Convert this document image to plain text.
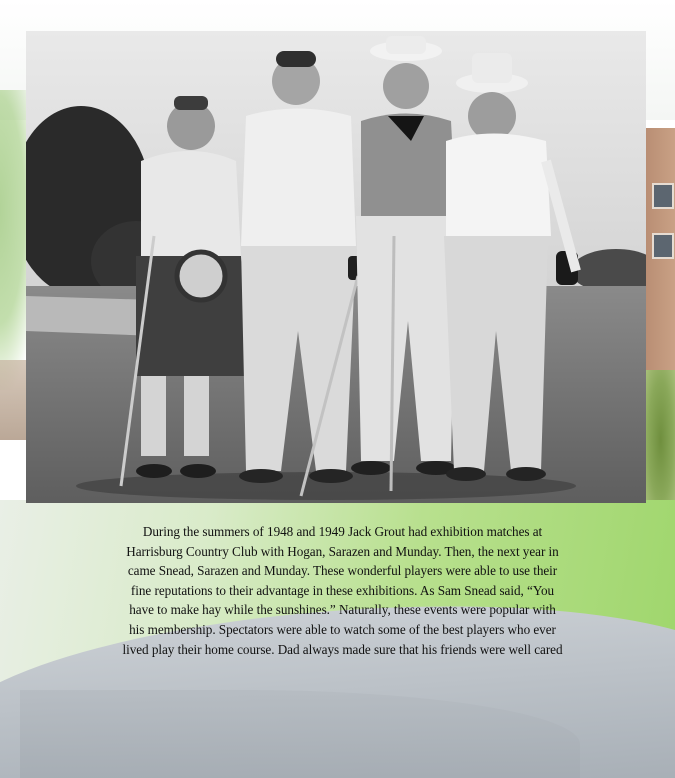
During the summers of 1948 and 1949 Jack Grout had exhibition matches at
Harrisburg Country Club with Hogan, Sarazen and Munday. Then, the next year in
came Snead, Sarazen and Munday. These wonderful players were able to use their
fine reputations to their advantage in these exhibitions. As Sam Snead said, “You
have to make hay while the sunshines.” Naturally, these events were popular with
his membership. Spectators were able to watch some of the best players who ever
lived play their home course. Dad always made sure that his friends were well cared
